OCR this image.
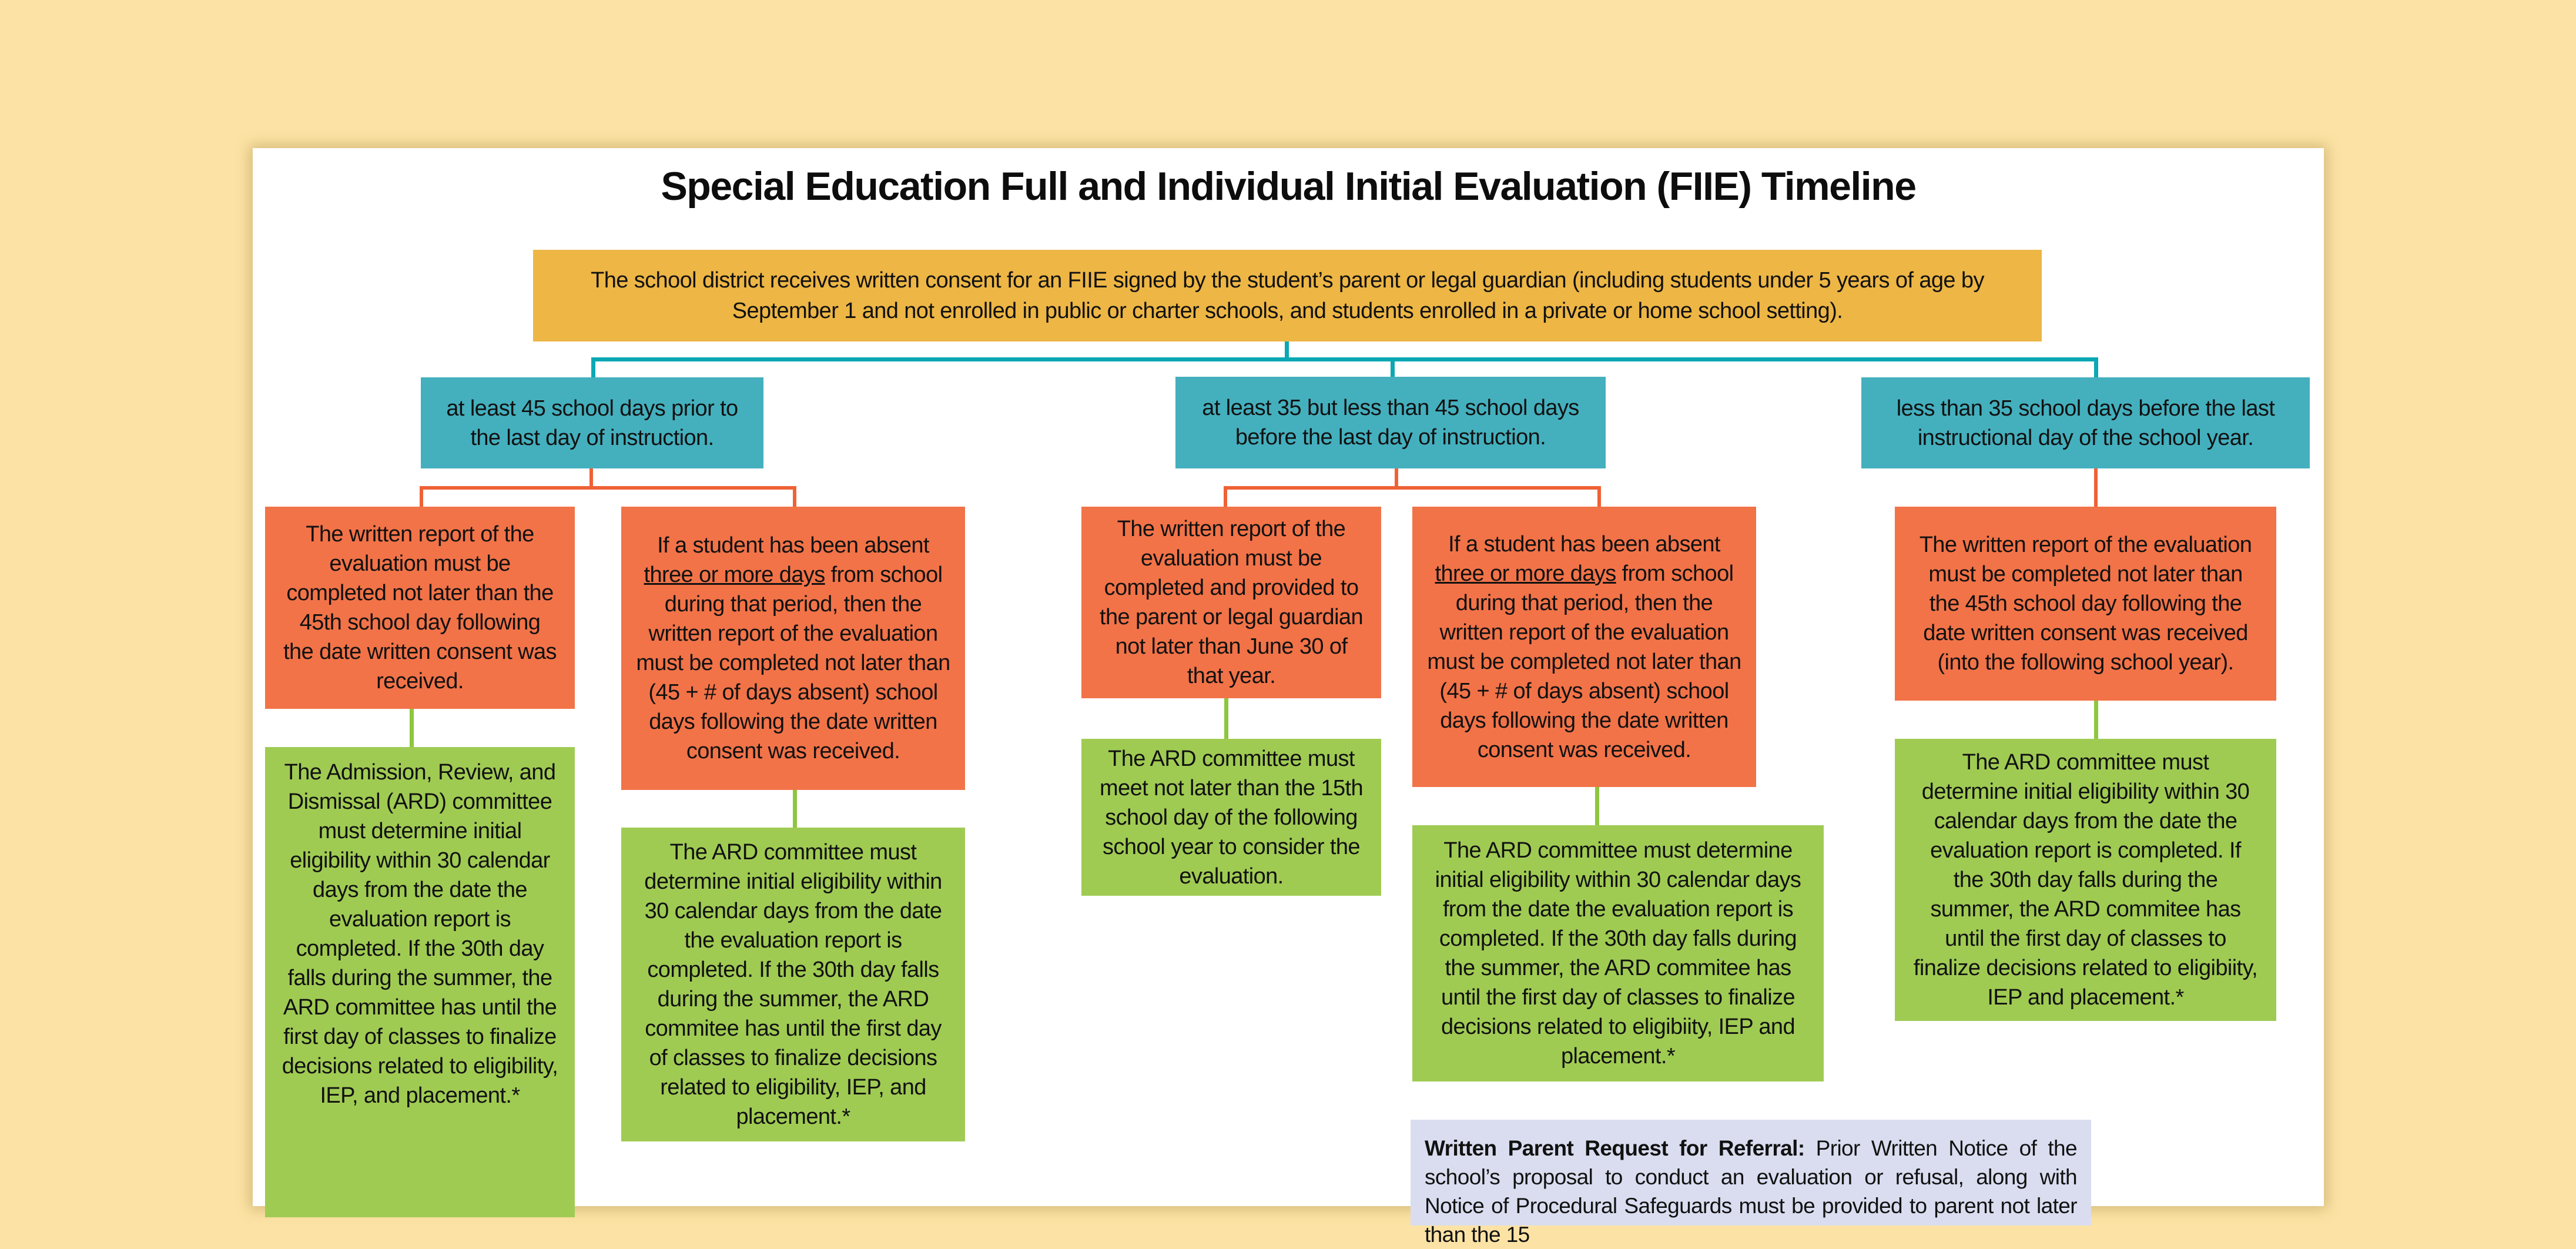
Special Education Full and Individual Initial Evaluation (FIIE) Timeline
The school district receives written consent for an FIIE signed by the student’s parent or legal guardian (including students under 5 years of age by September 1 and not enrolled in public or charter schools, and students enrolled in a private or home school setting).
at least 45 school days prior to the last day of instruction.
at least 35 but less than 45 school days before the last day of instruction.
less than 35 school days before the last instructional day of the school year.
The written report of the evaluation must be completed not later than the 45th school day following the date written consent was received.
If a student has been absent three or more days from school during that period, then the written report of the evaluation must be completed not later than (45 + # of days absent) school days following the date written consent was received.
The written report of the evaluation must be completed and provided to the parent or legal guardian not later than June 30 of that year.
If a student has been absent three or more days from school during that period, then the written report of the evaluation must be completed not later than (45 + # of days absent) school days following the date written consent was received.
The written report of the evaluation must be completed not later than the 45th school day following the date written consent was received (into the following school year).
The Admission, Review, and Dismissal (ARD) committee must determine initial eligibility within 30 calendar days from the date the evaluation report is completed. If the 30th day falls during the summer, the ARD committee has until the first day of classes to finalize decisions related to eligibility, IEP, and placement.*
The ARD committee must determine initial eligibility within 30 calendar days from the date the evaluation report is completed. If the 30th day falls during the summer, the ARD commitee has until the first day of classes to finalize decisions related to eligibility, IEP, and placement.*
The ARD committee must meet not later than the 15th school day of the following school year to consider the evaluation.
The ARD committee must determine initial eligibility within 30 calendar days from the date the evaluation report is completed. If the 30th day falls during the summer, the ARD commitee has until the first day of classes to finalize decisions related to eligibiity, IEP and placement.*
The ARD committee must determine initial eligibility within 30 calendar days from the date the evaluation report is completed. If the 30th day falls during the summer, the ARD commitee has until the first day of classes to finalize decisions related to eligibiity, IEP and placement.*
Written Parent Request for Referral: Prior Written Notice of the school’s proposal to conduct an evaluation or refusal, along with Notice of Procedural Safeguards must be provided to parent not later than the 15
